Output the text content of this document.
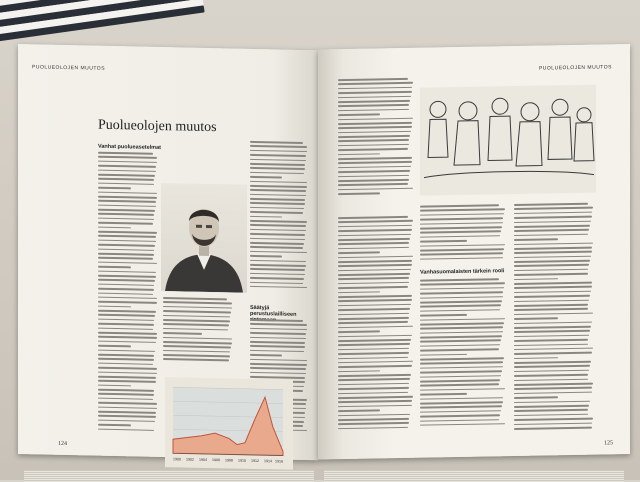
PUOLUEOLOJEN MUUTOS
Puolueolojen muutos
Vanhat puolueasetelmat
Säätyjä perustuslailliseen
1900 1902 1904 1906 1908 1910 1912 1914 1916
124
PUOLUEOLOJEN MUUTOS
Vanhasuomalaisten tärkein rooli
125
